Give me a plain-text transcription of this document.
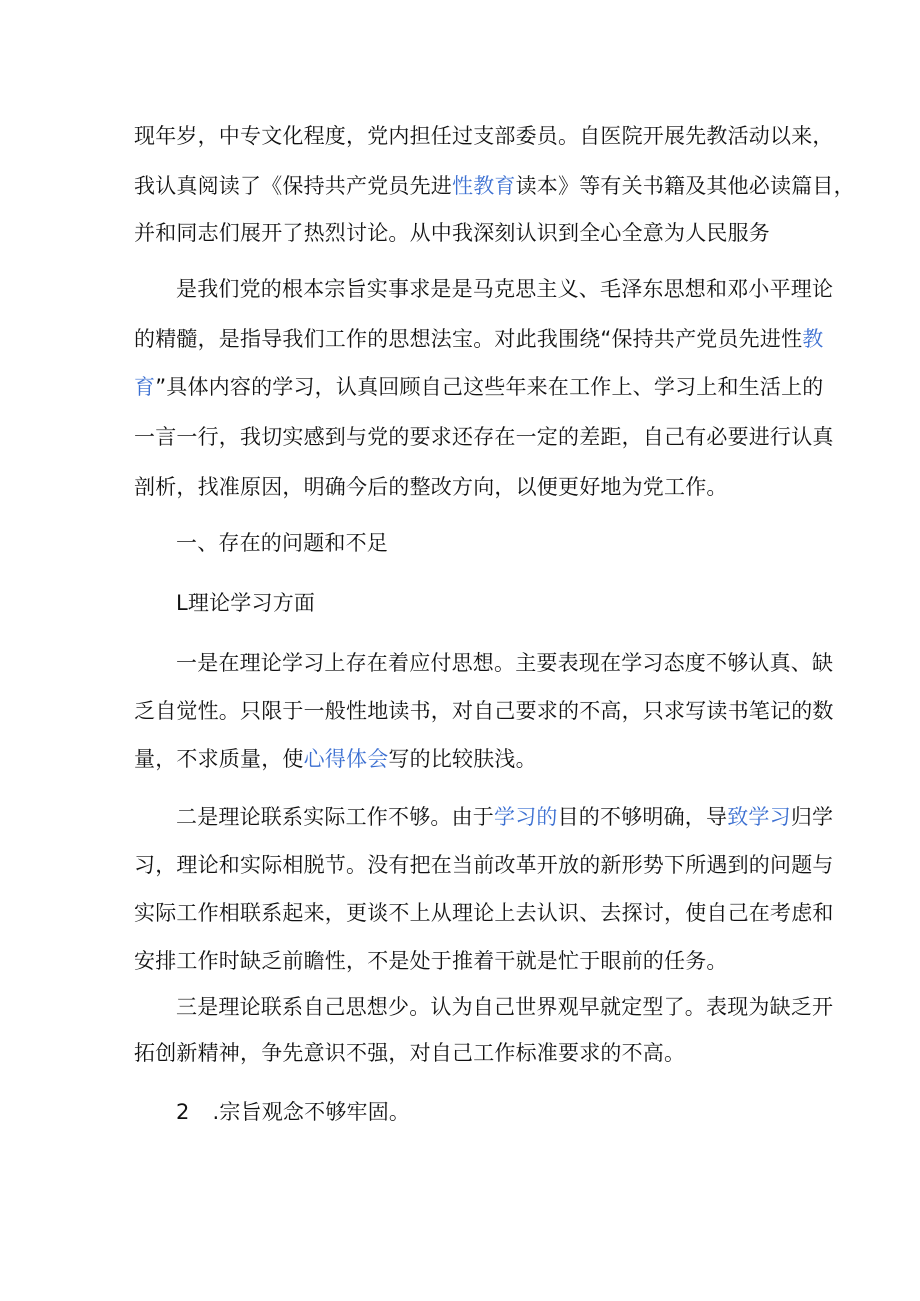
现年岁，中专文化程度，党内担任过支部委员。自医院开展先教活动以来，
我认真阅读了《保持共产党员先进性教育读本》等有关书籍及其他必读篇目，
并和同志们展开了热烈讨论。从中我深刻认识到全心全意为人民服务
是我们党的根本宗旨实事求是是马克思主义、毛泽东思想和邓小平理论
的精髓，是指导我们工作的思想法宝。对此我围绕“保持共产党员先进性教
育”具体内容的学习，认真回顾自己这些年来在工作上、学习上和生活上的
一言一行，我切实感到与党的要求还存在一定的差距，自己有必要进行认真
剖析，找准原因，明确今后的整改方向，以便更好地为党工作。
一、存在的问题和不足
L理论学习方面
一是在理论学习上存在着应付思想。主要表现在学习态度不够认真、缺
乏自觉性。只限于一般性地读书，对自己要求的不高，只求写读书笔记的数
量，不求质量，使心得体会写的比较肤浅。
二是理论联系实际工作不够。由于学习的目的不够明确，导致学习归学
习，理论和实际相脱节。没有把在当前改革开放的新形势下所遇到的问题与
实际工作相联系起来，更谈不上从理论上去认识、去探讨，使自己在考虑和
安排工作时缺乏前瞻性，不是处于推着干就是忙于眼前的任务。
三是理论联系自己思想少。认为自己世界观早就定型了。表现为缺乏开
拓创新精神，争先意识不强，对自己工作标准要求的不高。
2 .宗旨观念不够牢固。
